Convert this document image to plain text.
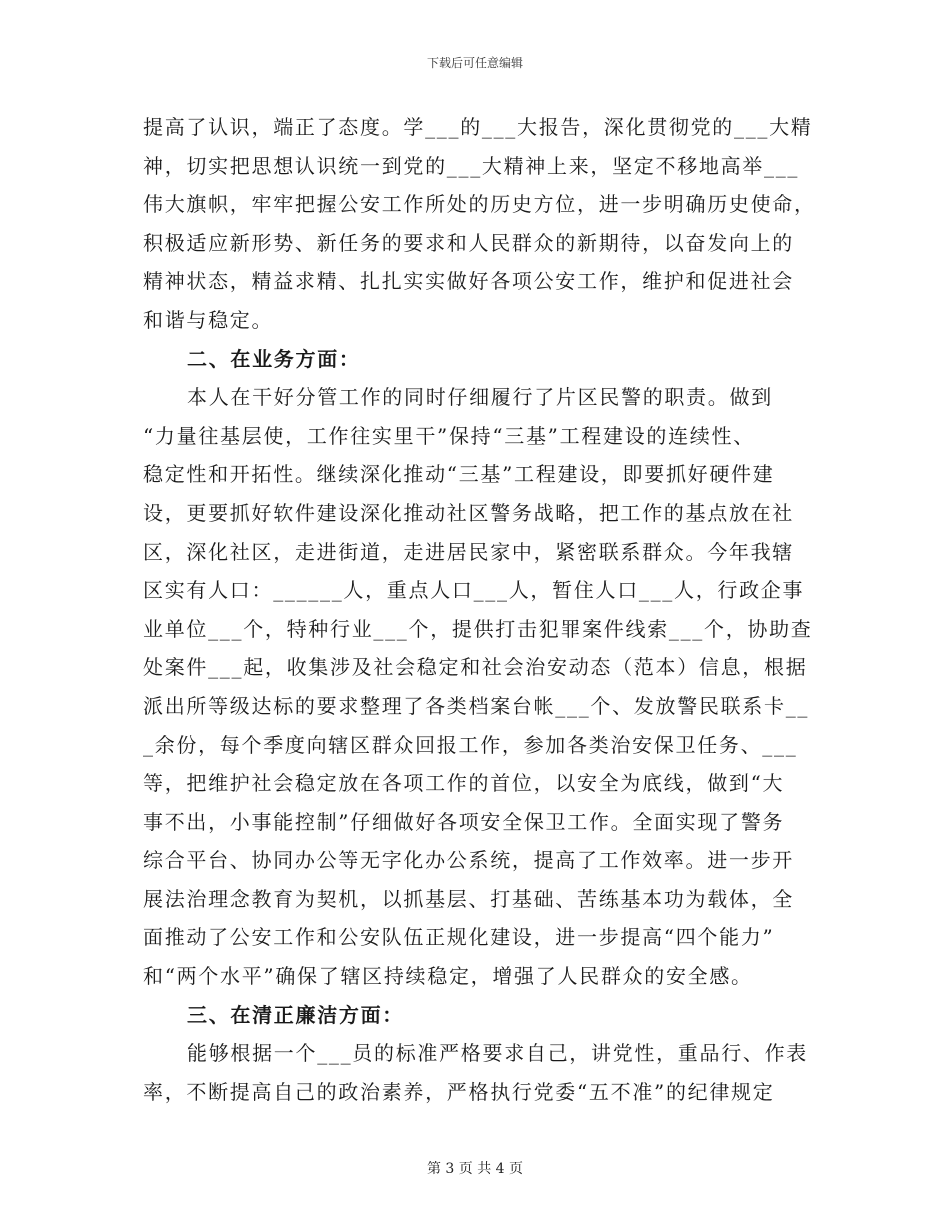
下载后可任意编辑
提高了认识，端正了态度。学___的___大报告，深化贯彻党的___大精
神，切实把思想认识统一到党的___大精神上来，坚定不移地高举___
伟大旗帜，牢牢把握公安工作所处的历史方位，进一步明确历史使命，
积极适应新形势、新任务的要求和人民群众的新期待，以奋发向上的
精神状态，精益求精、扎扎实实做好各项公安工作，维护和促进社会
和谐与稳定。
二、在业务方面：
本人在干好分管工作的同时仔细履行了片区民警的职责。做到
“力量往基层使，工作往实里干”保持“三基”工程建设的连续性、
稳定性和开拓性。继续深化推动“三基”工程建设，即要抓好硬件建
设，更要抓好软件建设深化推动社区警务战略，把工作的基点放在社
区，深化社区，走进街道，走进居民家中，紧密联系群众。今年我辖
区实有人口：______人，重点人口___人，暂住人口___人，行政企事
业单位___个，特种行业___个，提供打击犯罪案件线索___个，协助查
处案件___起，收集涉及社会稳定和社会治安动态（范本）信息，根据
派出所等级达标的要求整理了各类档案台帐___个、发放警民联系卡__
_余份，每个季度向辖区群众回报工作，参加各类治安保卫任务、___
等，把维护社会稳定放在各项工作的首位，以安全为底线，做到“大
事不出，小事能控制”仔细做好各项安全保卫工作。全面实现了警务
综合平台、协同办公等无字化办公系统，提高了工作效率。进一步开
展法治理念教育为契机，以抓基层、打基础、苦练基本功为载体，全
面推动了公安工作和公安队伍正规化建设，进一步提高“四个能力”
和“两个水平”确保了辖区持续稳定，增强了人民群众的安全感。
三、在清正廉洁方面：
能够根据一个___员的标准严格要求自己，讲党性，重品行、作表
率，不断提高自己的政治素养，严格执行党委“五不准”的纪律规定
第 3 页 共 4 页
